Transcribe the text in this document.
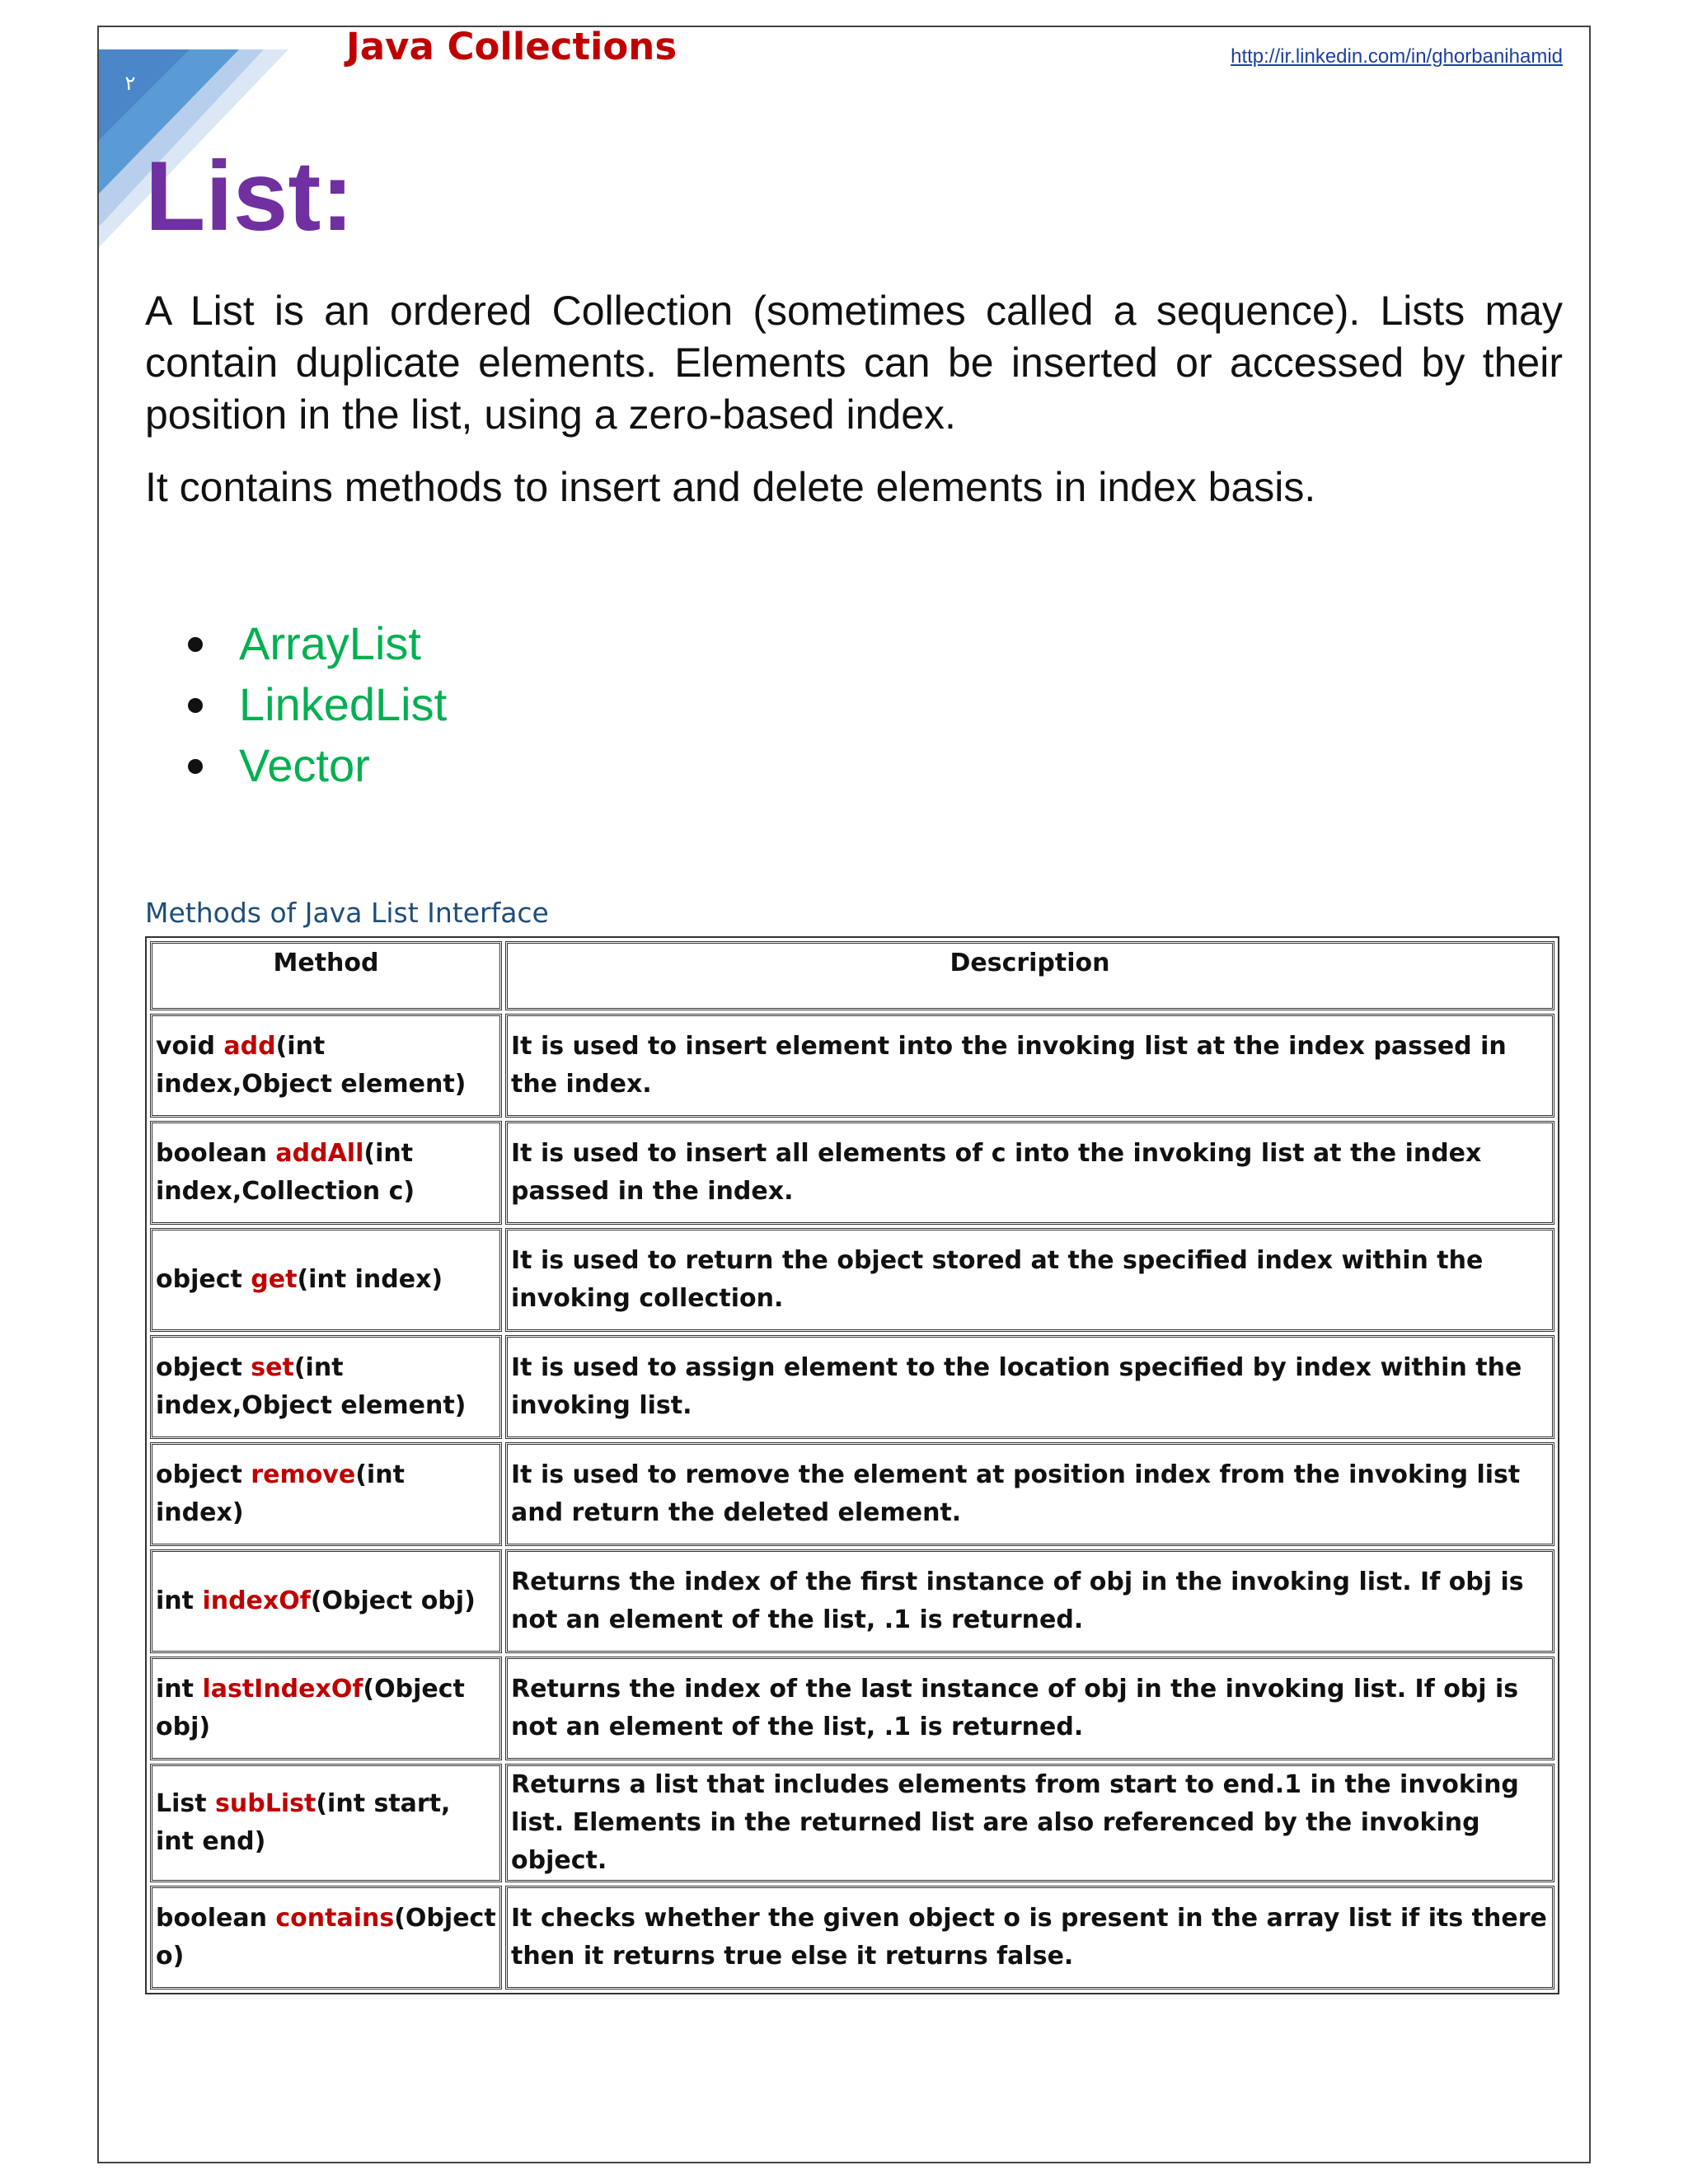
٢
Java Collections	http://ir.linkedin.com/in/ghorbanihamid
List:

A List is an ordered Collection (sometimes called a sequence). Lists may contain duplicate elements. Elements can be inserted or accessed by their position in the list, using a zero-based index.

It contains methods to insert and delete elements in index basis.

ArrayList
LinkedList
Vector
Methods of Java List Interface
Method	Description
void add(int index,Object element)	It is used to insert element into the invoking list at the index passed in the index.
boolean addAll(int index,Collection c)	It is used to insert all elements of c into the invoking list at the index passed in the index.
object get(int index)	It is used to return the object stored at the specified index within the invoking collection.
object set(int index,Object element)	It is used to assign element to the location specified by index within the invoking list.
object remove(int index)	It is used to remove the element at position index from the invoking list and return the deleted element.
int indexOf(Object obj)	Returns the index of the first instance of obj in the invoking list. If obj is not an element of the list, .1 is returned.
int lastIndexOf(Object obj)	Returns the index of the last instance of obj in the invoking list. If obj is not an element of the list, .1 is returned.
List subList(int start, int end)	Returns a list that includes elements from start to end.1 in the invoking list. Elements in the returned list are also referenced by the invoking object.
boolean contains(Object o)	It checks whether the given object o is present in the array list if its there then it returns true else it returns false.
